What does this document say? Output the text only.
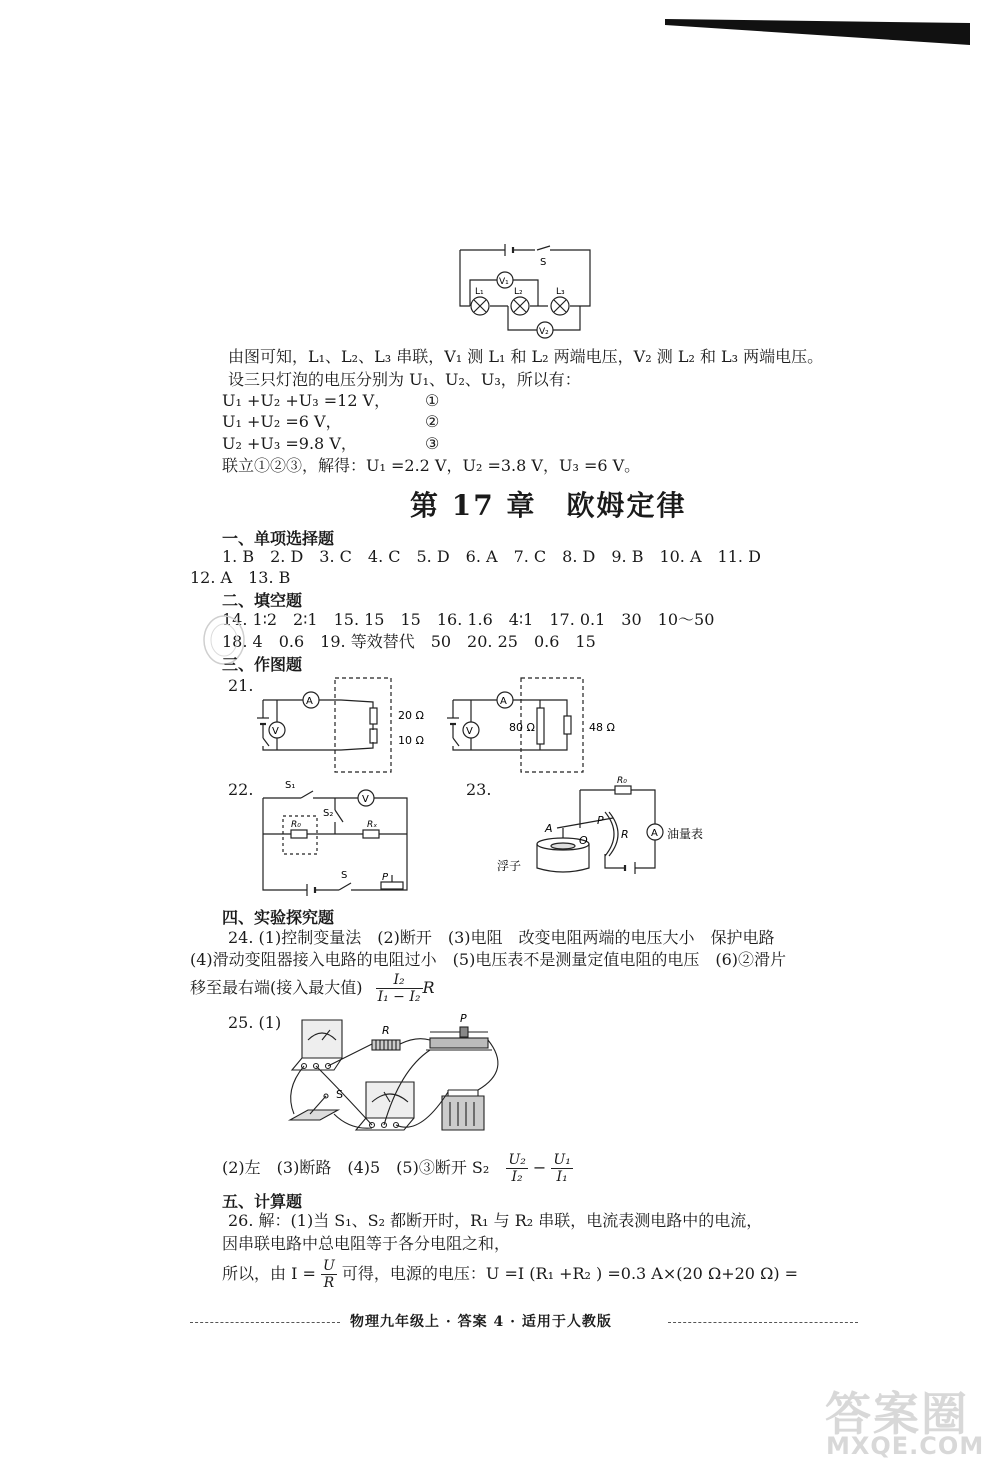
S
V₁
V₂
L₁	L₂	L₃
由图可知，L₁、L₂、L₃ 串联，V₁ 测 L₁ 和 L₂ 两端电压，V₂ 测 L₂ 和 L₃ 两端电压。
设三只灯泡的电压分别为 U₁、U₂、U₃，所以有：
U₁ +U₂ +U₃ =12 V， ①
U₁ +U₂ =6 V，	②
U₂ +U₃ =9.8 V，	③
联立①②③，解得：U₁ =2.2 V，U₂ =3.8 V，U₃ =6 V。
第 17 章　欧姆定律
一、单项选择题
1. B　2. D　3. C　4. C　5. D　6. A　7. C　8. D　9. B　10. A　11. D
12. A　13. B
二、填空题
14. 1∶2　2∶1　15. 15　15　16. 1.6　4∶1　17. 0.1　30　10～50
18. 4　0.6　19. 等效替代　50　20. 25　0.6　15
三、作图题
21.
A
V
20 Ω
10 Ω
A
V	80 Ω	48 Ω
22.	S₁
S₂
V
R₀	Rₓ
S	P
23.	R₀
A
O
P
R A 油量表
浮子
四、实验探究题
24. (1)控制变量法　(2)断开　(3)电阻　改变电阻两端的电压大小　保护电路
(4)滑动变阻器接入电路的电阻过小　(5)电压表不是测量定值电阻的电压　(6)②滑片
移至最右端(接入最大值) $\frac{\text{I₂}}{\text{I₁ − I₂}}$ R
25. (1)	R
P
S
(2)左　(3)断路　(4)5　(5)③断开 $S_2 \frac{\text{U₂}}{\text{I₂}} - \frac{\text{U₁}}{\text{I₁}}$
五、计算题
26. 解：(1)当 S₁、S₂ 都断开时，R₁ 与 R₂ 串联，电流表测电路中的电流，
因串联电路中总电阻等于各分电阻之和，
所以，由 $I = \frac{U}{R}$ 可得，电源的电压：U =I (R₁ +R₂ ) =0.3 A×(20 Ω+20 Ω) =
物理九年级上 · 答案 4 · 适用于人教版
答案圈
MXQE.COM
